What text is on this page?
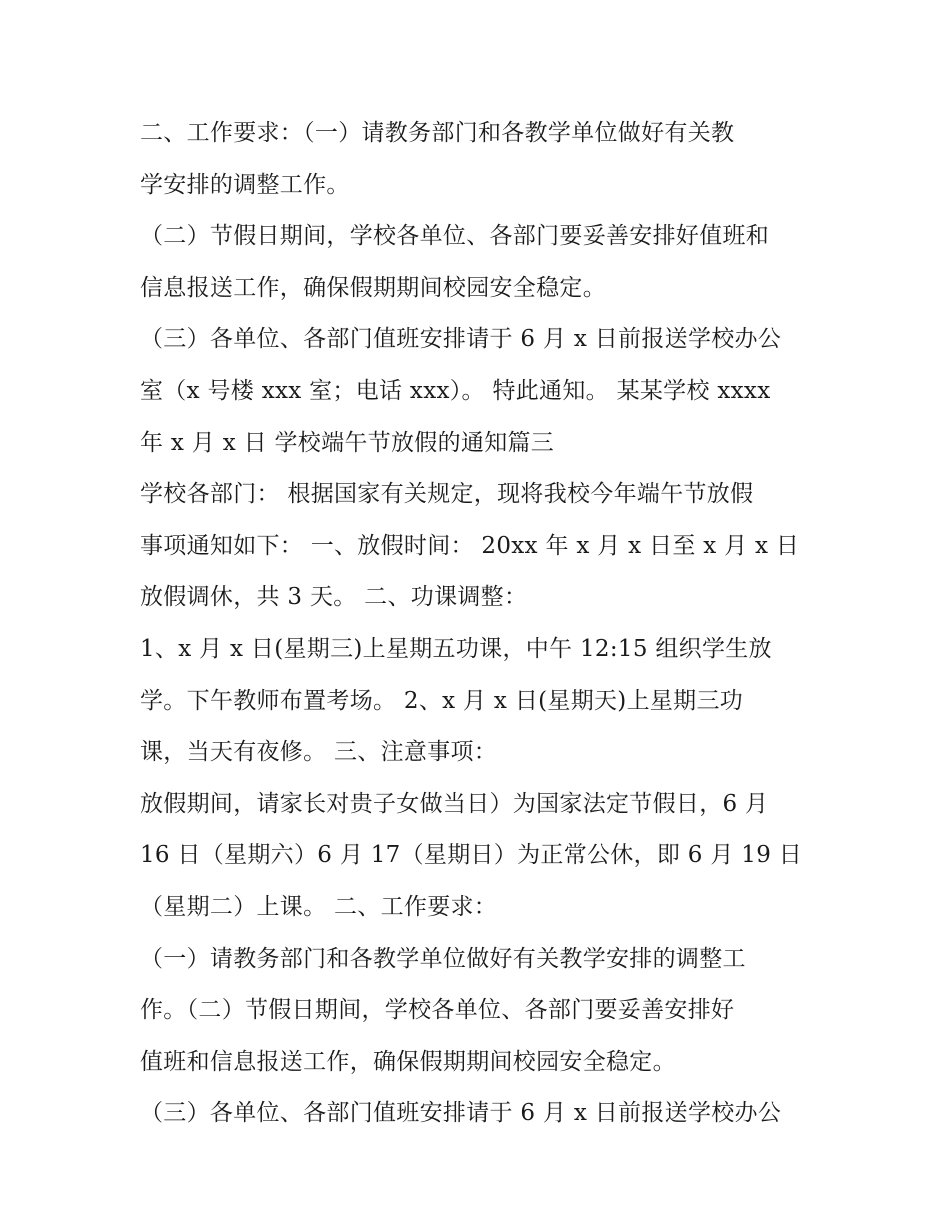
二、工作要求：（一）请教务部门和各教学单位做好有关教
学安排的调整工作。
（二）节假日期间，学校各单位、各部门要妥善安排好值班和
信息报送工作，确保假期期间校园安全稳定。
（三）各单位、各部门值班安排请于 6 月 x 日前报送学校办公
室（x 号楼 xxx 室；电话 xxx）。 特此通知。 某某学校 xxxx
年 x 月 x 日 学校端午节放假的通知篇三
学校各部门： 根据国家有关规定，现将我校今年端午节放假
事项通知如下： 一、放假时间： 20xx 年 x 月 x 日至 x 月 x 日
放假调休，共 3 天。 二、功课调整：
1、x 月 x 日(星期三)上星期五功课，中午 12:15 组织学生放
学。下午教师布置考场。 2、x 月 x 日(星期天)上星期三功
课，当天有夜修。 三、注意事项：
放假期间，请家长对贵子女做当日）为国家法定节假日，6 月
16 日（星期六）6 月 17（星期日）为正常公休，即 6 月 19 日
（星期二）上课。 二、工作要求：
（一）请教务部门和各教学单位做好有关教学安排的调整工
作。（二）节假日期间，学校各单位、各部门要妥善安排好
值班和信息报送工作，确保假期期间校园安全稳定。
（三）各单位、各部门值班安排请于 6 月 x 日前报送学校办公
